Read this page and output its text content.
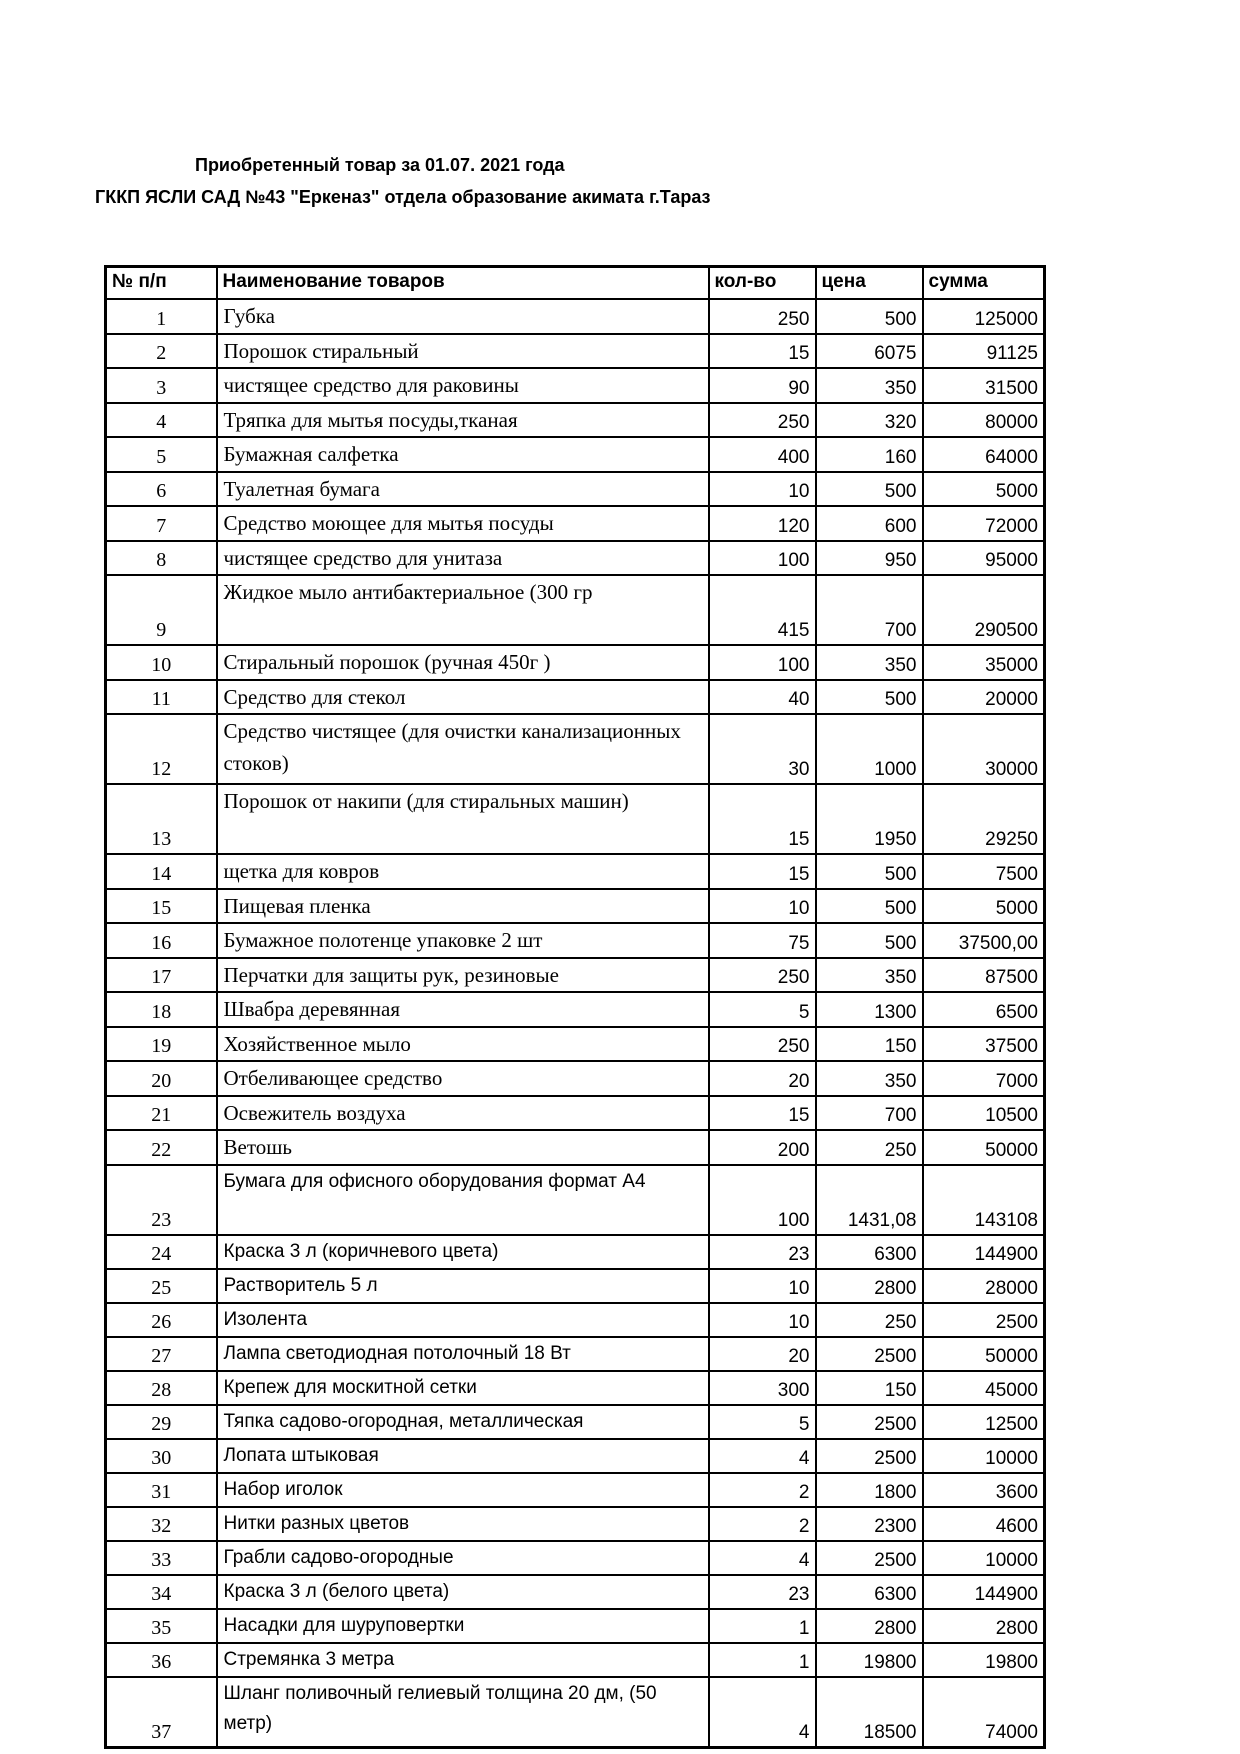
Приобретенный товар за 01.07. 2021 года
ГККП ЯСЛИ САД №43 "Еркеназ" отдела образование акимата г.Тараз
№ п/п	Наименование товаров	кол-во	цена	сумма
1	Губка	250	500	125000
2	Порошок стиральный	15	6075	91125
3	чистящее средство для раковины	90	350	31500
4	Тряпка для мытья посуды,тканая	250	320	80000
5	Бумажная салфетка	400	160	64000
6	Туалетная бумага	10	500	5000
7	Средство моющее для мытья посуды	120	600	72000
8	чистящее средство для унитаза	100	950	95000
9	Жидкое мыло антибактериальное (300 гр	415	700	290500
10	Стиральный порошок (ручная 450г )	100	350	35000
11	Средство для стекол	40	500	20000
12	Средство чистящее (для очистки канализационных стоков)	30	1000	30000
13	Порошок от накипи (для стиральных машин)	15	1950	29250
14	щетка для ковров	15	500	7500
15	Пищевая пленка	10	500	5000
16	Бумажное полотенце упаковке 2 шт	75	500	37500,00
17	Перчатки для защиты рук, резиновые	250	350	87500
18	Швабра деревянная	5	1300	6500
19	Хозяйственное мыло	250	150	37500
20	Отбеливающее средство	20	350	7000
21	Освежитель воздуха	15	700	10500
22	Ветошь	200	250	50000
23	Бумага для офисного оборудования формат А4	100	1431,08	143108
24	Краска 3 л (коричневого цвета)	23	6300	144900
25	Растворитель 5 л	10	2800	28000
26	Изолента	10	250	2500
27	Лампа светодиодная потолочный 18 Вт	20	2500	50000
28	Крепеж для москитной сетки	300	150	45000
29	Тяпка садово-огородная, металлическая	5	2500	12500
30	Лопата штыковая	4	2500	10000
31	Набор иголок	2	1800	3600
32	Нитки разных цветов	2	2300	4600
33	Грабли садово-огородные	4	2500	10000
34	Краска 3 л (белого цвета)	23	6300	144900
35	Насадки для шуруповертки	1	2800	2800
36	Стремянка 3 метра	1	19800	19800
37	Шланг поливочный гелиевый толщина 20 дм, (50 метр)	4	18500	74000
